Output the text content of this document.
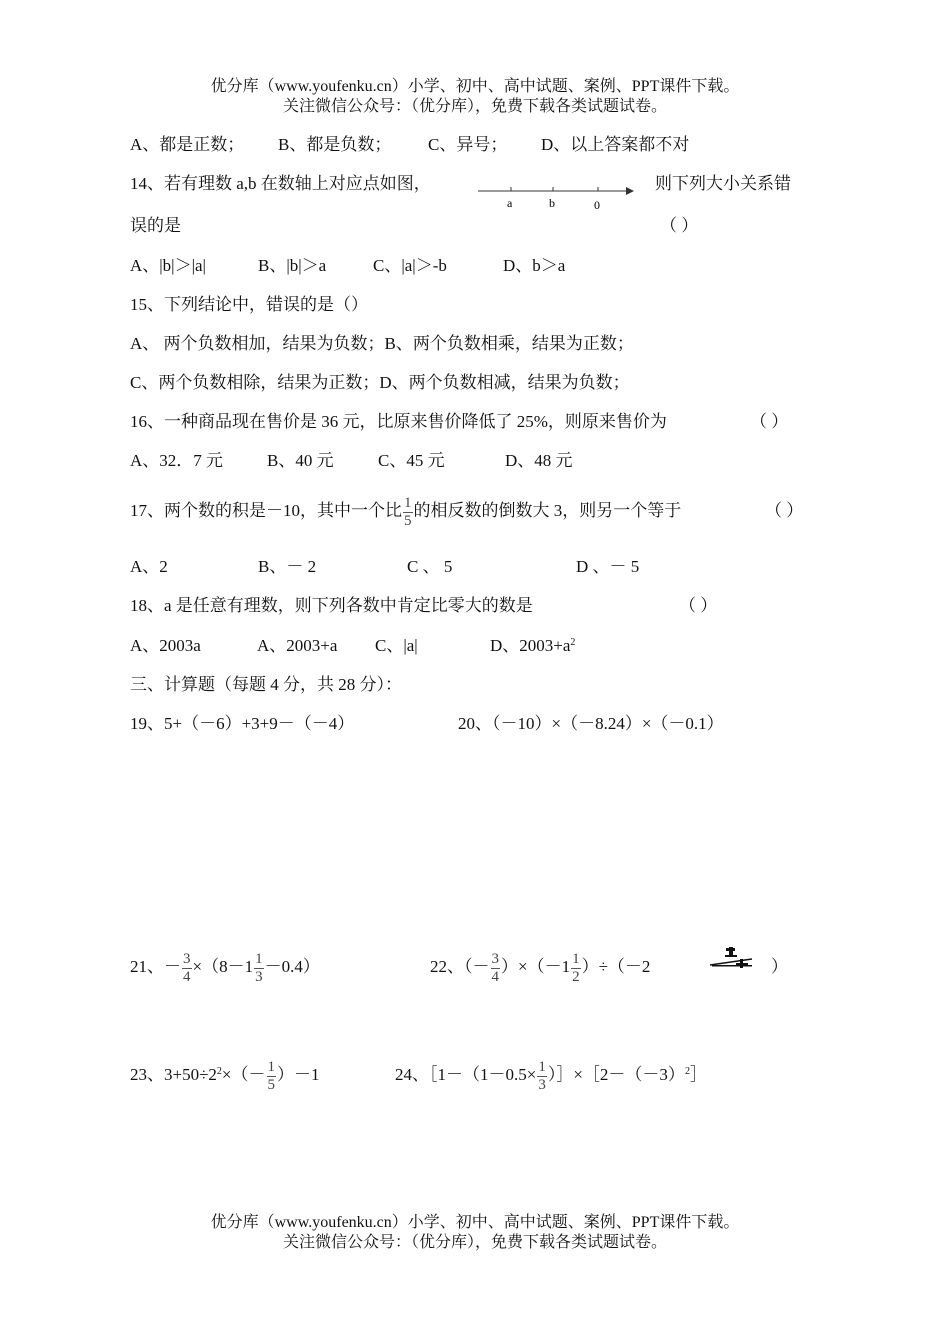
优分库（www.youfenku.cn）小学、初中、高中试题、案例、PPT课件下载。
关注微信公众号：（优分库），免费下载各类试题试卷。
A、都是正数； B、都是负数； C、异号； D、以上答案都不对
14、若有理数 a,b 在数轴上对应点如图，
a	b	0
则下列大小关系错
误的是	（ ）
A、|b|＞|a|	B、|b|＞a	C、|a|＞-b	D、b＞a
15、下列结论中，错误的是（）
A、 两个负数相加，结果为负数；B、两个负数相乘，结果为正数；
C、两个负数相除，结果为正数；D、两个负数相减，结果为负数；
16、一种商品现在售价是 36 元，比原来售价降低了 25%，则原来售价为	（ ）
A、32．7 元	B、40 元	C、45 元	D、48 元
17、两个数的积是－10，其中一个比 $\frac{1}{5}$ 的相反数的倒数大 3，则另一个等于	（ ）
A、2	B、－ 2	C 、 5	D 、－ 5
18、a 是任意有理数，则下列各数中肯定比零大的数是	（ ）
A、2003a	A、2003+a C、|a|	D、$2003+a^2$
三、计算题（每题 4 分，共 28 分）：
19、5+（－6）+3+9－（－4）	20、（－10）×（－8.24）×（－0.1）
21、－ $\frac{3}{4} \times(8-1 \frac{1}{3} -0.4)$	22、（－ $\frac{3}{4} )\times(-1 \frac{1}{2} )\div(-2$	）
23、$3+50\div 2^2\times(- \frac{1}{5} )-1$	24、［1－（1－0.5× $\frac{1}{3}$ ）$]\times[2-(-3)^2]$
优分库（www.youfenku.cn）小学、初中、高中试题、案例、PPT课件下载。
关注微信公众号：（优分库），免费下载各类试题试卷。
